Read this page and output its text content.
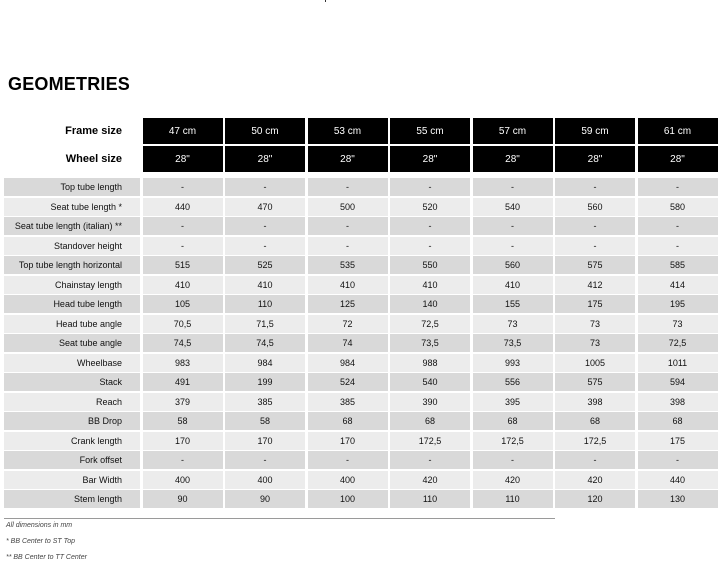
GEOMETRIES
Frame size	47 cm	50 cm	53 cm	55 cm	57 cm	59 cm	61 cm
Wheel size	28"	28"	28"	28"	28"	28"	28"
Top tube length	-	-	-	-	-	-	-
Seat tube length *	440	470	500	520	540	560	580
Seat tube length (italian) **	-	-	-	-	-	-	-
Standover height	-	-	-	-	-	-	-
Top tube length horizontal	515	525	535	550	560	575	585
Chainstay length	410	410	410	410	410	412	414
Head tube length	105	110	125	140	155	175	195
Head tube angle	70,5	71,5	72	72,5	73	73	73
Seat tube angle	74,5	74,5	74	73,5	73,5	73	72,5
Wheelbase	983	984	984	988	993	1005	1011
Stack	491	199	524	540	556	575	594
Reach	379	385	385	390	395	398	398
BB Drop	58	58	68	68	68	68	68
Crank length	170	170	170	172,5	172,5	172,5	175
Fork offset	-	-	-	-	-	-	-
Bar Width	400	400	400	420	420	420	440
Stem length	90	90	100	110	110	120	130
All dimensions in mm
* BB Center to ST Top
** BB Center to TT Center
